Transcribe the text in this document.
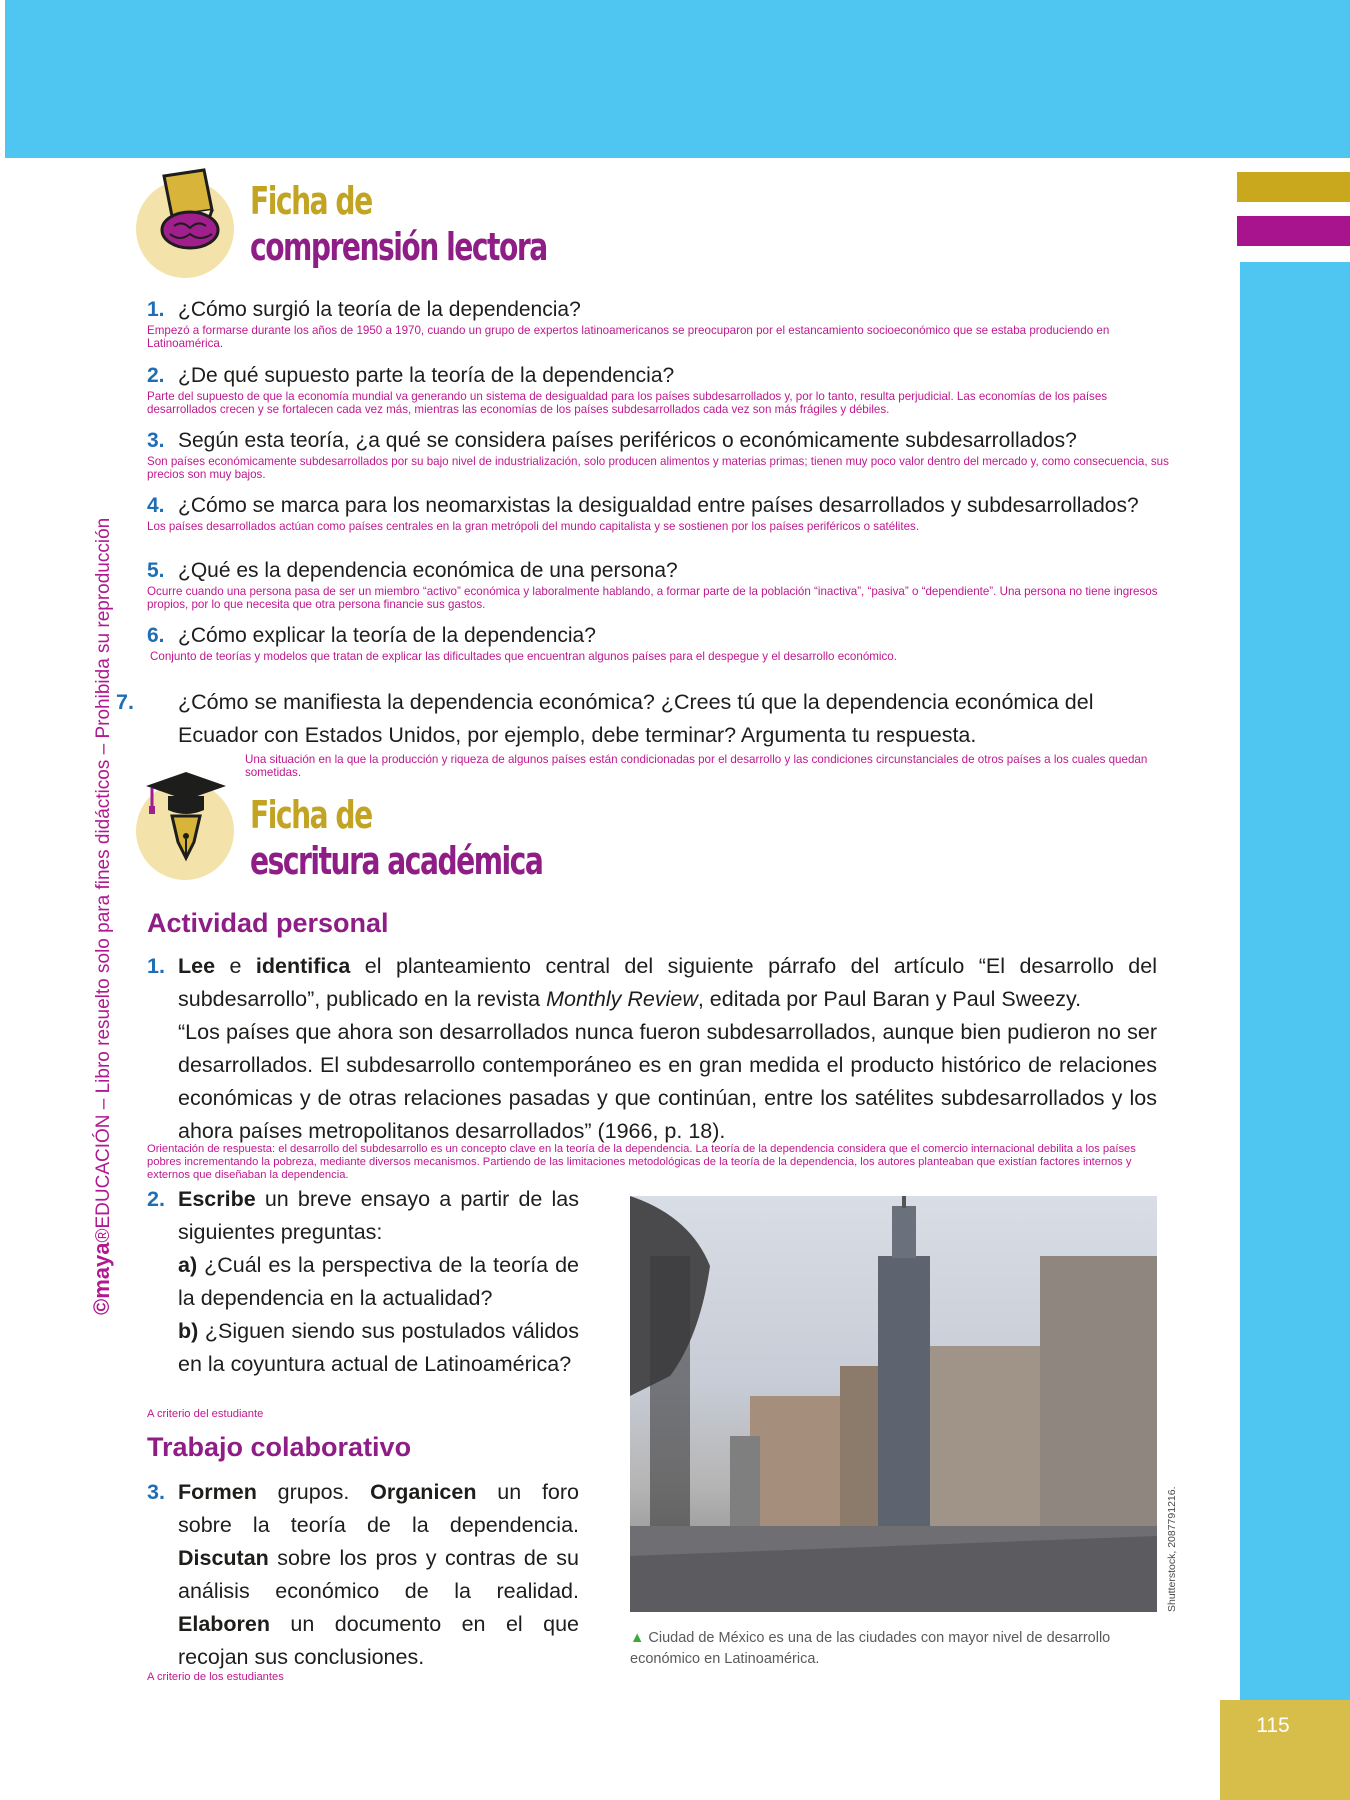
115
©maya®EDUCACIÓN – Libro resuelto solo para fines didácticos – Prohibida su reproducción
Ficha de
comprensión lectora
1. ¿Cómo surgió la teoría de la dependencia?
Empezó a formarse durante los años de 1950 a 1970, cuando un grupo de expertos latinoamericanos se preocuparon por el estancamiento socioeconómico que se estaba produciendo en Latinoamérica.
2. ¿De qué supuesto parte la teoría de la dependencia?
Parte del supuesto de que la economía mundial va generando un sistema de desigualdad para los países subdesarrollados y, por lo tanto, resulta perjudicial. Las economías de los países desarrollados crecen y se fortalecen cada vez más, mientras las economías de los países subdesarrollados cada vez son más frágiles y débiles.
3. Según esta teoría, ¿a qué se considera países periféricos o económicamente subdesarrollados?
Son países económicamente subdesarrollados por su bajo nivel de industrialización, solo producen alimentos y materias primas; tienen muy poco valor dentro del mercado y, como consecuencia, sus precios son muy bajos.
4. ¿Cómo se marca para los neomarxistas la desigualdad entre países desarrollados y subdesarrollados?
Los países desarrollados actúan como países centrales en la gran metrópoli del mundo capitalista y se sostienen por los países periféricos o satélites.
5. ¿Qué es la dependencia económica de una persona?
Ocurre cuando una persona pasa de ser un miembro “activo” económica y laboralmente hablando, a formar parte de la población “inactiva”, “pasiva” o “dependiente”. Una persona no tiene ingresos propios, por lo que necesita que otra persona financie sus gastos.
6. ¿Cómo explicar la teoría de la dependencia?
Conjunto de teorías y modelos que tratan de explicar las dificultades que encuentran algunos países para el despegue y el desarrollo económico.
7. ¿Cómo se manifiesta la dependencia económica? ¿Crees tú que la dependencia económica del Ecuador con Estados Unidos, por ejemplo, debe terminar? Argumenta tu respuesta.
Una situación en la que la producción y riqueza de algunos países están condicionadas por el desarrollo y las condiciones circunstanciales de otros países a los cuales quedan sometidas.
Ficha de
escritura académica
Actividad personal
1. Lee e identifica el planteamiento central del siguiente párrafo del artículo “El desarrollo del subdesarrollo”, publicado en la revista Monthly Review, editada por Paul Baran y Paul Sweezy.
“Los países que ahora son desarrollados nunca fueron subdesarrollados, aunque bien pudieron no ser desarrollados. El subdesarrollo contemporáneo es en gran medida el producto histórico de relaciones económicas y de otras relaciones pasadas y que continúan, entre los satélites subdesarrollados y los ahora países metropolitanos desarrollados” (1966, p. 18).
Orientación de respuesta: el desarrollo del subdesarrollo es un concepto clave en la teoría de la dependencia. La teoría de la dependencia considera que el comercio internacional debilita a los países pobres incrementando la pobreza, mediante diversos mecanismos. Partiendo de las limitaciones metodológicas de la teoría de la dependencia, los autores planteaban que existían factores internos y externos que diseñaban la dependencia.
2. Escribe un breve ensayo a partir de las siguientes preguntas:
a) ¿Cuál es la perspectiva de la teoría de la dependencia en la actualidad?
b) ¿Siguen siendo sus postulados válidos en la coyuntura actual de Latinoamérica?
A criterio del estudiante
Trabajo colaborativo
3. Formen grupos. Organicen un foro sobre la teoría de la dependencia. Discutan sobre los pros y contras de su análisis económico de la realidad. Elaboren un documento en el que recojan sus conclusiones.
A criterio de los estudiantes
Shutterstock, 2087791216.
▲ Ciudad de México es una de las ciudades con mayor nivel de desarrollo económico en Latinoamérica.
